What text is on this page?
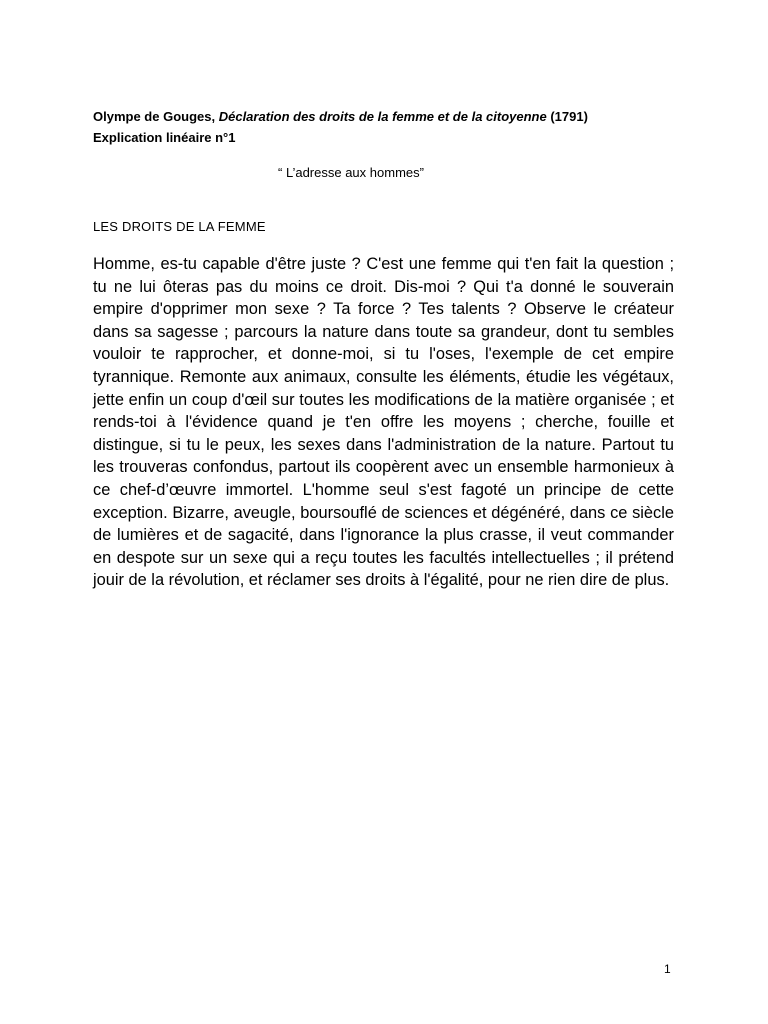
Olympe de Gouges, Déclaration des droits de la femme et de la citoyenne (1791)
Explication linéaire n°1
“ L’adresse aux hommes”
LES DROITS DE LA FEMME

Homme, es-tu capable d'être juste ? C'est une femme qui t'en fait la question ; tu ne lui ôteras pas du moins ce droit. Dis-moi ? Qui t'a donné le souverain empire d'opprimer mon sexe ? Ta force ? Tes talents ? Observe le créateur dans sa sagesse ; parcours la nature dans toute sa grandeur, dont tu sembles vouloir te rapprocher, et donne-moi, si tu l'oses, l'exemple de cet empire tyrannique. Remonte aux animaux, consulte les éléments, étudie les végétaux, jette enfin un coup d'œil sur toutes les modifications de la matière organisée ; et rends-toi à l'évidence quand je t'en offre les moyens ; cherche, fouille et distingue, si tu le peux, les sexes dans l'administration de la nature. Partout tu les trouveras confondus, partout ils coopèrent avec un ensemble harmonieux à ce chef-d’œuvre immortel. L'homme seul s'est fagoté un principe de cette exception. Bizarre, aveugle, boursouflé de sciences et dégénéré, dans ce siècle de lumières et de sagacité, dans l'ignorance la plus crasse, il veut commander en despote sur un sexe qui a reçu toutes les facultés intellectuelles ; il prétend jouir de la révolution, et réclamer ses droits à l'égalité, pour ne rien dire de plus.

1
